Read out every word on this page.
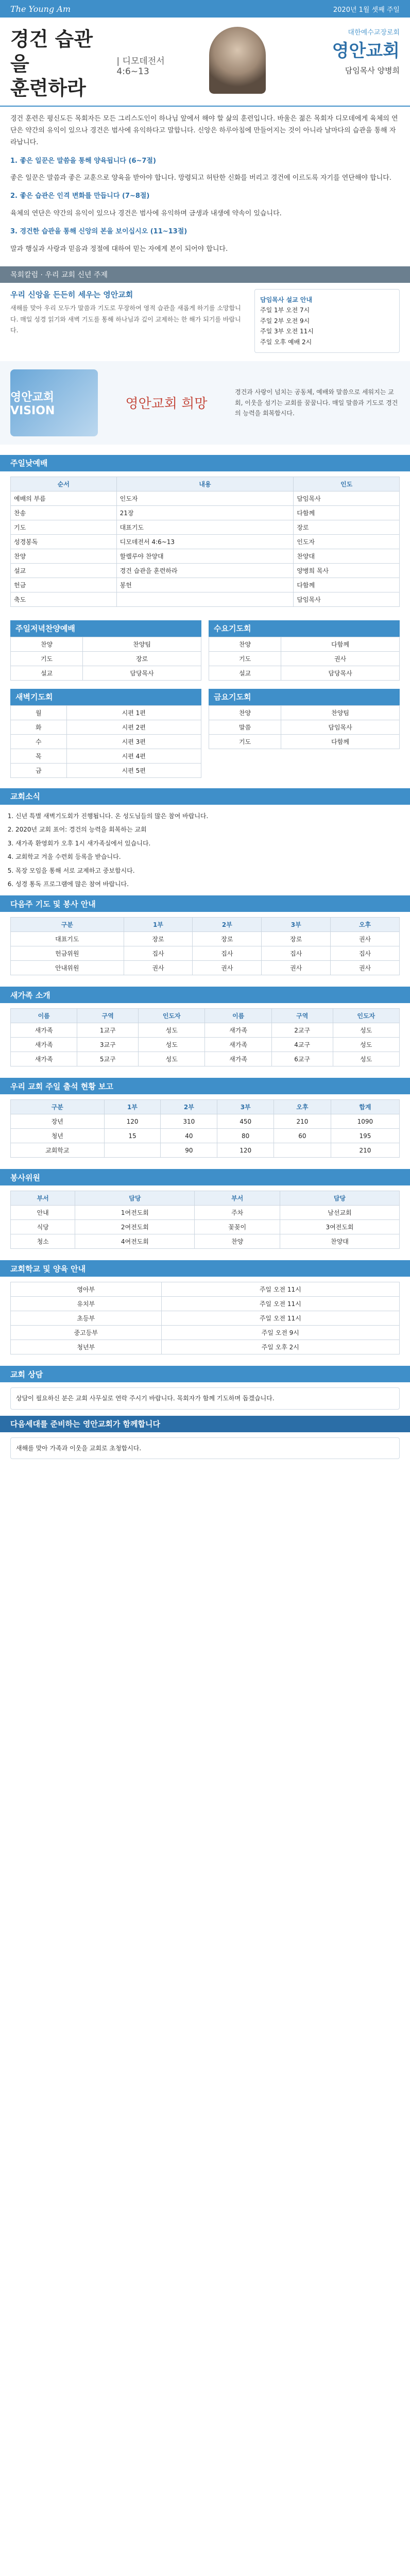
The Young Am	2020년 1월 셋째 주일
경건 습관을
훈련하라
| 디모데전서 4:6~13
대한예수교장로회
영안교회
담임목사 양병희

경건 훈련은 평신도든 목회자든 모든 그리스도인이 하나님 앞에서 해야 할 삶의 훈련입니다. 바울은 젊은 목회자 디모데에게 육체의 연단은 약간의 유익이 있으나 경건은 범사에 유익하다고 말합니다. 신앙은 하루아침에 만들어지는 것이 아니라 날마다의 습관을 통해 자라납니다.

1. 좋은 일꾼은 말씀을 통해 양육됩니다 (6~7절)

좋은 일꾼은 말씀과 좋은 교훈으로 양육을 받아야 합니다. 망령되고 허탄한 신화를 버리고 경건에 이르도록 자기를 연단해야 합니다.

2. 좋은 습관은 인격 변화를 만듭니다 (7~8절)

육체의 연단은 약간의 유익이 있으나 경건은 범사에 유익하며 금생과 내생에 약속이 있습니다.

3. 경건한 습관을 통해 신앙의 본을 보이십시오 (11~13절)

말과 행실과 사랑과 믿음과 정절에 대하여 믿는 자에게 본이 되어야 합니다.

목회칼럼 · 우리 교회 신년 주제
우리 신앙을 든든히 세우는 영안교회
새해를 맞아 우리 모두가 말씀과 기도로 무장하여 영적 습관을 새롭게 하기를 소망합니다. 매일 성경 읽기와 새벽 기도를 통해 하나님과 깊이 교제하는 한 해가 되기를 바랍니다.
담임목사 설교 안내
주일 1부 오전 7시
주일 2부 오전 9시
주일 3부 오전 11시
주일 오후 예배 2시
영안교회 VISION	영안교회 희망
경건과 사랑이 넘치는 공동체, 예배와 말씀으로 세워지는 교회, 이웃을 섬기는 교회를 꿈꿉니다. 매일 말씀과 기도로 경건의 능력을 회복합시다.
주일낮예배
순서	내용	인도
예배의 부름	인도자	담임목사
찬송	21장	다함께
기도	대표기도	장로
성경봉독	디모데전서 4:6~13	인도자
찬양	할렐루야 찬양대	찬양대
설교	경건 습관을 훈련하라	양병희 목사
헌금	봉헌	다함께
축도		담임목사
주일저녁찬양예배
찬양	찬양팀
기도	장로
설교	담당목사
수요기도회
찬양	다함께
기도	권사
설교	담당목사
새벽기도회
월	시편 1편
화	시편 2편
수	시편 3편
목	시편 4편
금	시편 5편
금요기도회
찬양	찬양팀
말씀	담임목사
기도	다함께
교회소식
1. 신년 특별 새벽기도회가 진행됩니다. 온 성도님들의 많은 참여 바랍니다.
2. 2020년 교회 표어: 경건의 능력을 회복하는 교회
3. 새가족 환영회가 오후 1시 새가족실에서 있습니다.
4. 교회학교 겨울 수련회 등록을 받습니다.
5. 목장 모임을 통해 서로 교제하고 중보합시다.
6. 성경 통독 프로그램에 많은 참여 바랍니다.
다음주 기도 및 봉사 안내
구분	1부	2부	3부	오후
대표기도	장로	장로	장로	권사
헌금위원	집사	집사	집사	집사
안내위원	권사	권사	권사	권사
새가족 소개
이름	구역	인도자	이름	구역	인도자
새가족	1교구	성도	새가족	2교구	성도
새가족	3교구	성도	새가족	4교구	성도
새가족	5교구	성도	새가족	6교구	성도
우리 교회 주일 출석 현황 보고
구분	1부	2부	3부	오후	합계
장년	120	310	450	210	1090
청년	15	40	80	60	195
교회학교		90	120		210
봉사위원
부서	담당	부서	담당
안내	1여전도회	주차	남선교회
식당	2여전도회	꽃꽂이	3여전도회
청소	4여전도회	찬양	찬양대
교회학교 및 양육 안내
영아부	주일 오전 11시
유치부	주일 오전 11시
초등부	주일 오전 11시
중고등부	주일 오전 9시
청년부	주일 오후 2시
교회 상담
상담이 필요하신 분은 교회 사무실로 연락 주시기 바랍니다. 목회자가 함께 기도하며 돕겠습니다.
다음세대를 준비하는 영안교회가 함께합니다
새해를 맞아 가족과 이웃을 교회로 초청합시다.
